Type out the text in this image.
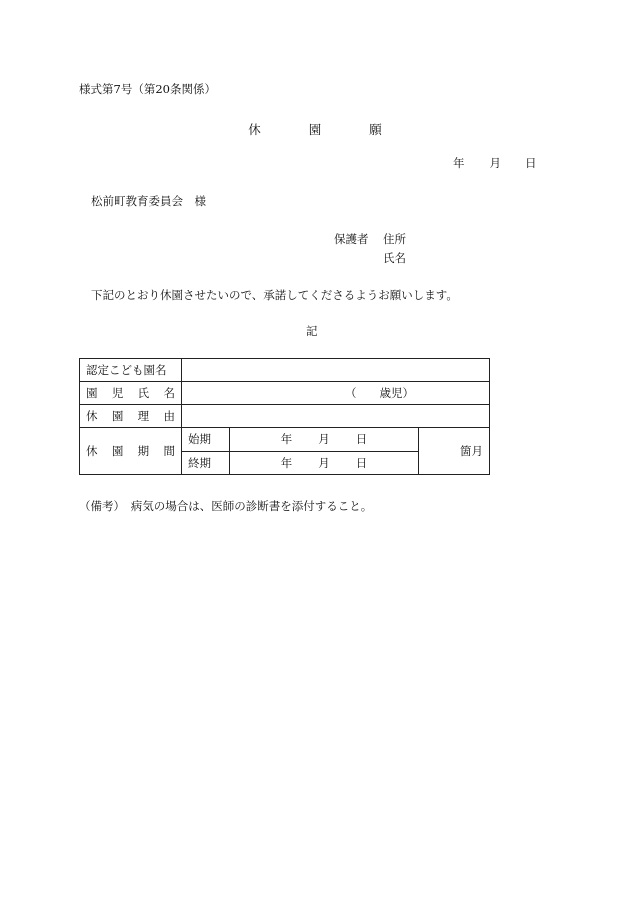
様式第7号（第20条関係）
休	園	願
年 月 日
松前町教育委員会　様
保護者 住所
氏名
下記のとおり休園させたいので、承諾してくださるようお願いします。
記
認定こども園名			

園 児 氏 名	（　　歳児）		

休 園 理 由			

休 園 期 間	始期	年 月 日	箇月
	終期	年 月 日	
（備考）　病気の場合は、医師の診断書を添付すること。
